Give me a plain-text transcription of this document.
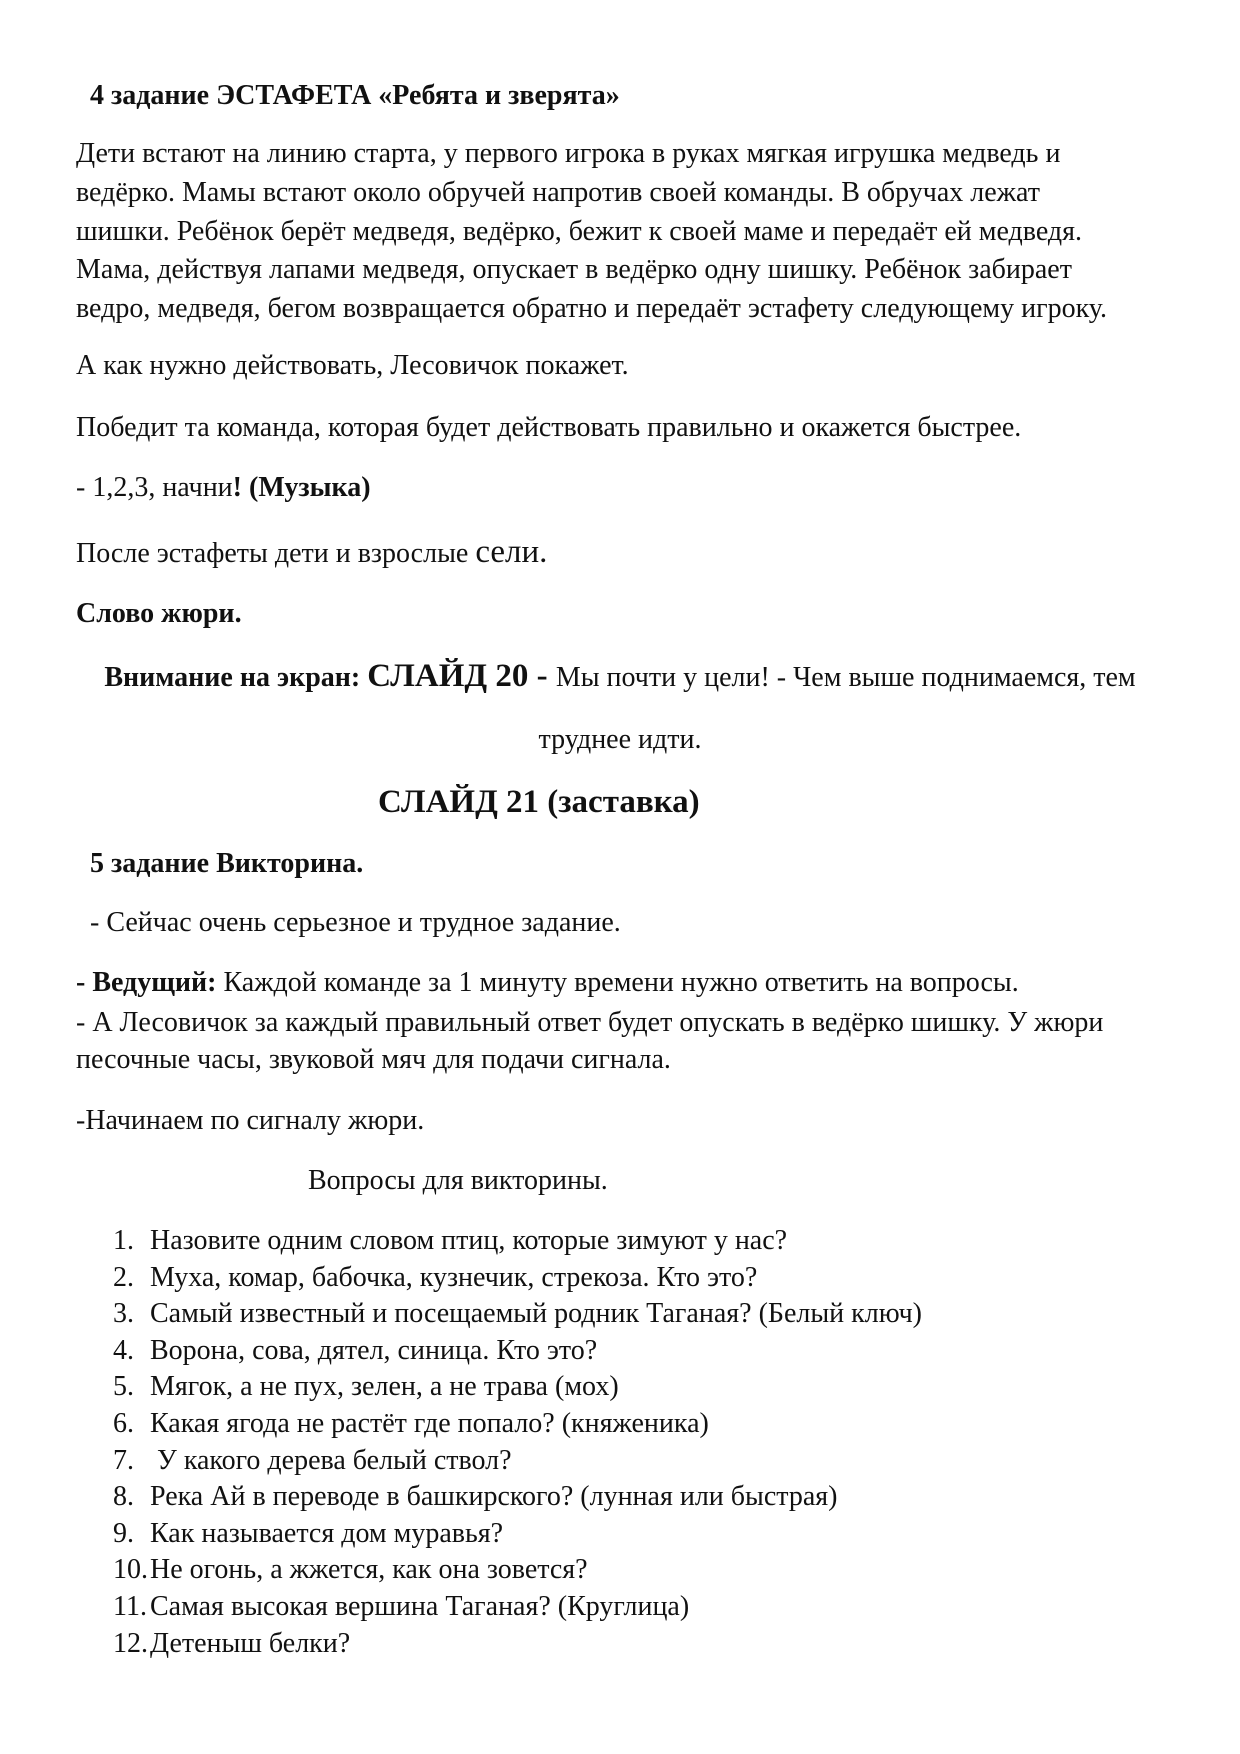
4 задание ЭСТАФЕТА «Ребята и зверята»
Дети встают на линию старта, у первого игрока в руках мягкая игрушка медведь и
ведёрко. Мамы встают около обручей напротив своей команды. В обручах лежат
шишки. Ребёнок берёт медведя, ведёрко, бежит к своей маме и передаёт ей медведя.
Мама, действуя лапами медведя, опускает в ведёрко одну шишку. Ребёнок забирает
ведро, медведя, бегом возвращается обратно и передаёт эстафету следующему игроку.
А как нужно действовать, Лесовичок покажет.
Победит та команда, которая будет действовать правильно и окажется быстрее.
- 1,2,3, начни! (Музыка)
После эстафеты дети и взрослые сели.
Слово жюри.
Внимание на экран: СЛАЙД 20 - Мы почти у цели! - Чем выше поднимаемся, тем
труднее идти.
СЛАЙД 21 (заставка)
5 задание Викторина.
- Сейчас очень серьезное и трудное задание.
- Ведущий: Каждой команде за 1 минуту времени нужно ответить на вопросы.
- А Лесовичок за каждый правильный ответ будет опускать в ведёрко шишку. У жюри
песочные часы, звуковой мяч для подачи сигнала.
-Начинаем по сигналу жюри.
Вопросы для викторины.
1. Назовите одним словом птиц, которые зимуют у нас?
2. Муха, комар, бабочка, кузнечик, стрекоза. Кто это?
3. Самый известный и посещаемый родник Таганая? (Белый ключ)
4. Ворона, сова, дятел, синица. Кто это?
5. Мягок, а не пух, зелен, а не трава (мох)
6. Какая ягода не растёт где попало? (княженика)
7. У какого дерева белый ствол?
8. Река Ай в переводе в башкирского? (лунная или быстрая)
9. Как называется дом муравья?
10.Не огонь, а жжется, как она зовется?
11. Самая высокая вершина Таганая? (Круглица)
12.Детеныш белки?
